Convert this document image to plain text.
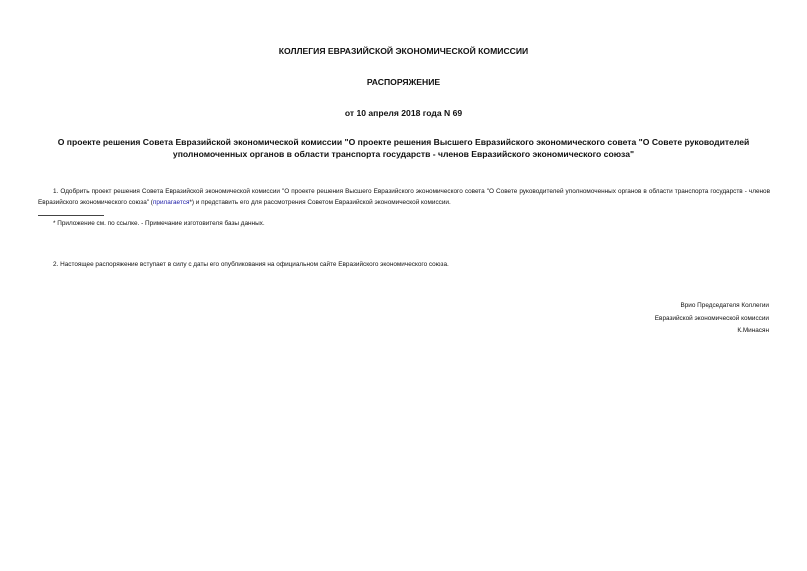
КОЛЛЕГИЯ ЕВРАЗИЙСКОЙ ЭКОНОМИЧЕСКОЙ КОМИССИИ
РАСПОРЯЖЕНИЕ
от 10 апреля 2018 года N 69
О проекте решения Совета Евразийской экономической комиссии "О проекте решения Высшего Евразийского экономического совета "О Совете руководителей уполномоченных органов в области транспорта государств - членов Евразийского экономического союза"
1. Одобрить проект решения Совета Евразийской экономической комиссии "О проекте решения Высшего Евразийского экономического совета "О Совете руководителей уполномоченных органов в области транспорта государств - членов Евразийского экономического союза" (прилагается*) и представить его для рассмотрения Советом Евразийской экономической комиссии.
* Приложение см. по ссылке. - Примечание изготовителя базы данных.
2. Настоящее распоряжение вступает в силу с даты его опубликования на официальном сайте Евразийского экономического союза.
Врио Председателя Коллегии
Евразийской экономической комиссии
К.Минасян
